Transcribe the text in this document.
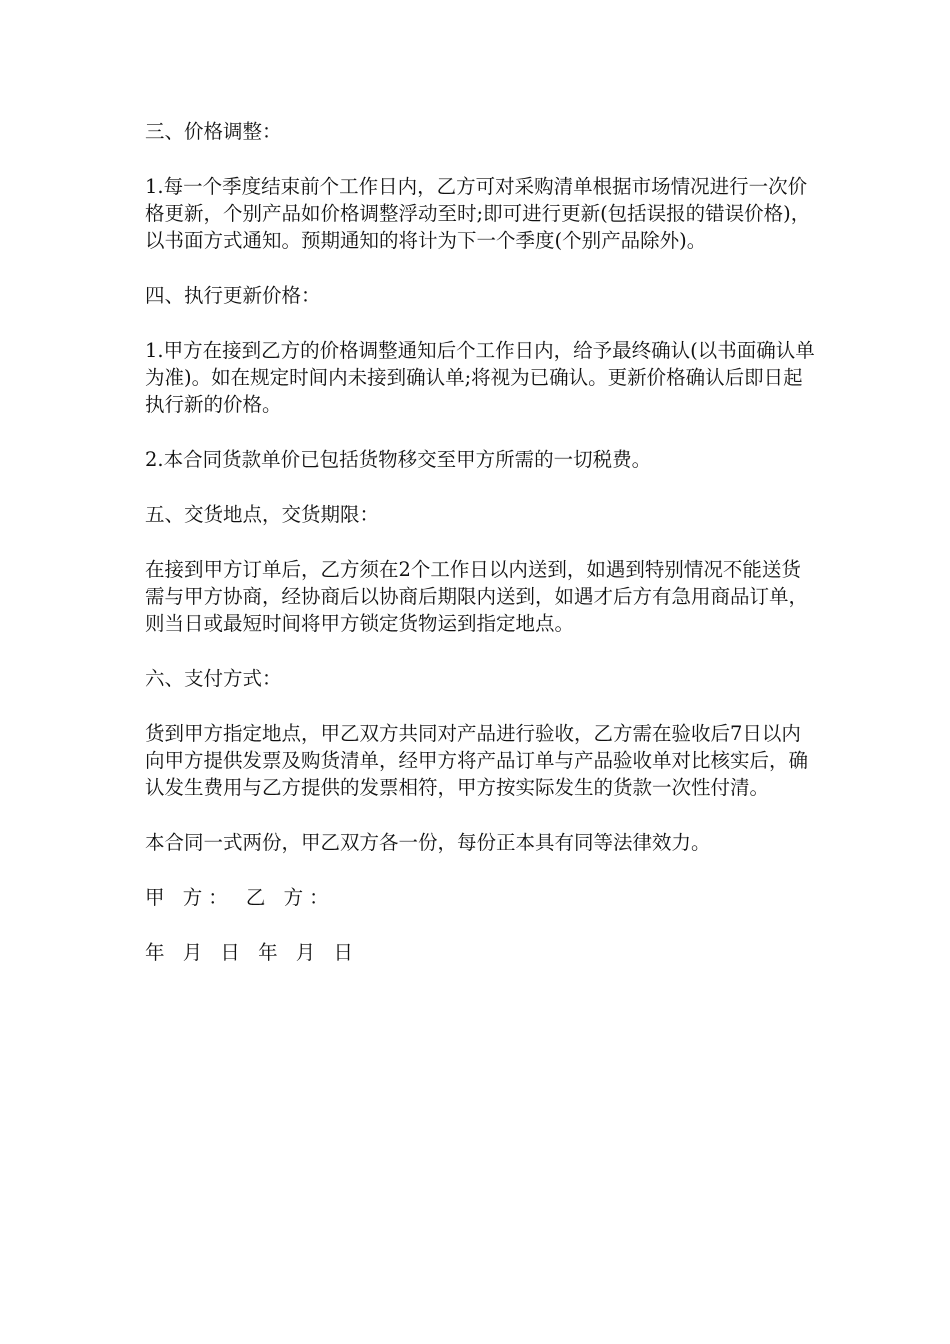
三、价格调整：

1.每一个季度结束前个工作日内，乙方可对采购清单根据市场情况进行一次价格更新，个别产品如价格调整浮动至时;即可进行更新(包括误报的错误价格)，以书面方式通知。预期通知的将计为下一个季度(个别产品除外)。

四、执行更新价格：

1.甲方在接到乙方的价格调整通知后个工作日内，给予最终确认(以书面确认单为准)。如在规定时间内未接到确认单;将视为已确认。更新价格确认后即日起执行新的价格。

2.本合同货款单价已包括货物移交至甲方所需的一切税费。

五、交货地点，交货期限：

在接到甲方订单后，乙方须在2个工作日以内送到，如遇到特别情况不能送货需与甲方协商，经协商后以协商后期限内送到，如遇才后方有急用商品订单，则当日或最短时间将甲方锁定货物运到指定地点。

六、支付方式：

货到甲方指定地点，甲乙双方共同对产品进行验收，乙方需在验收后7日以内向甲方提供发票及购货清单，经甲方将产品订单与产品验收单对比核实后，确认发生费用与乙方提供的发票相符，甲方按实际发生的货款一次性付清。

本合同一式两份，甲乙双方各一份，每份正本具有同等法律效力。

甲 方： 乙 方：

年 月 日 年 月 日
